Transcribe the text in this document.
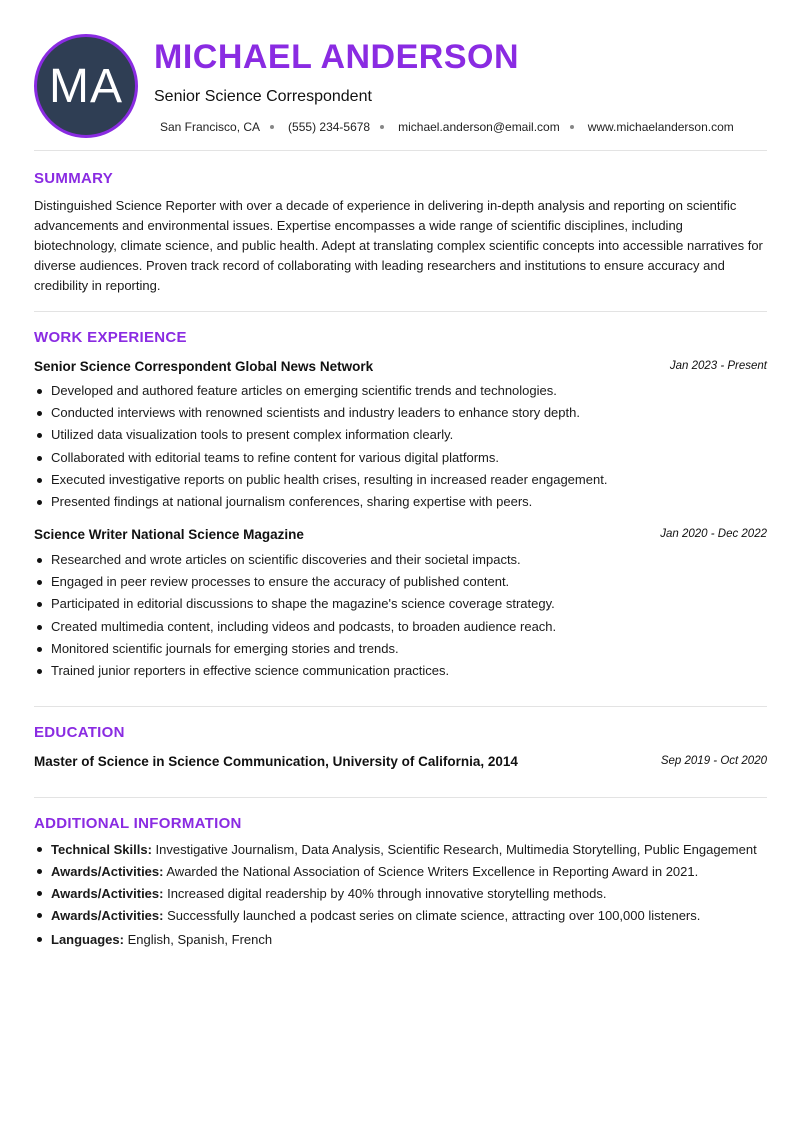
MA
MICHAEL ANDERSON
Senior Science Correspondent
San Francisco, CA (555) 234-5678 michael.anderson@email.com www.michaelanderson.com
SUMMARY

Distinguished Science Reporter with over a decade of experience in delivering in-depth analysis and reporting on scientific advancements and environmental issues. Expertise encompasses a wide range of scientific disciplines, including biotechnology, climate science, and public health. Adept at translating complex scientific concepts into accessible narratives for diverse audiences. Proven track record of collaborating with leading researchers and institutions to ensure accuracy and credibility in reporting.

WORK EXPERIENCE
Senior Science Correspondent Global News Network	Jan 2023 - Present
Developed and authored feature articles on emerging scientific trends and technologies.
Conducted interviews with renowned scientists and industry leaders to enhance story depth.
Utilized data visualization tools to present complex information clearly.
Collaborated with editorial teams to refine content for various digital platforms.
Executed investigative reports on public health crises, resulting in increased reader engagement.
Presented findings at national journalism conferences, sharing expertise with peers.
Science Writer National Science Magazine	Jan 2020 - Dec 2022
Researched and wrote articles on scientific discoveries and their societal impacts.
Engaged in peer review processes to ensure the accuracy of published content.
Participated in editorial discussions to shape the magazine's science coverage strategy.
Created multimedia content, including videos and podcasts, to broaden audience reach.
Monitored scientific journals for emerging stories and trends.
Trained junior reporters in effective science communication practices.
EDUCATION
Master of Science in Science Communication, University of California, 2014	Sep 2019 - Oct 2020
ADDITIONAL INFORMATION
Technical Skills: Investigative Journalism, Data Analysis, Scientific Research, Multimedia Storytelling, Public Engagement
Awards/Activities: Awarded the National Association of Science Writers Excellence in Reporting Award in 2021.
Awards/Activities: Increased digital readership by 40% through innovative storytelling methods.
Awards/Activities: Successfully launched a podcast series on climate science, attracting over 100,000 listeners.
Languages: English, Spanish, French
